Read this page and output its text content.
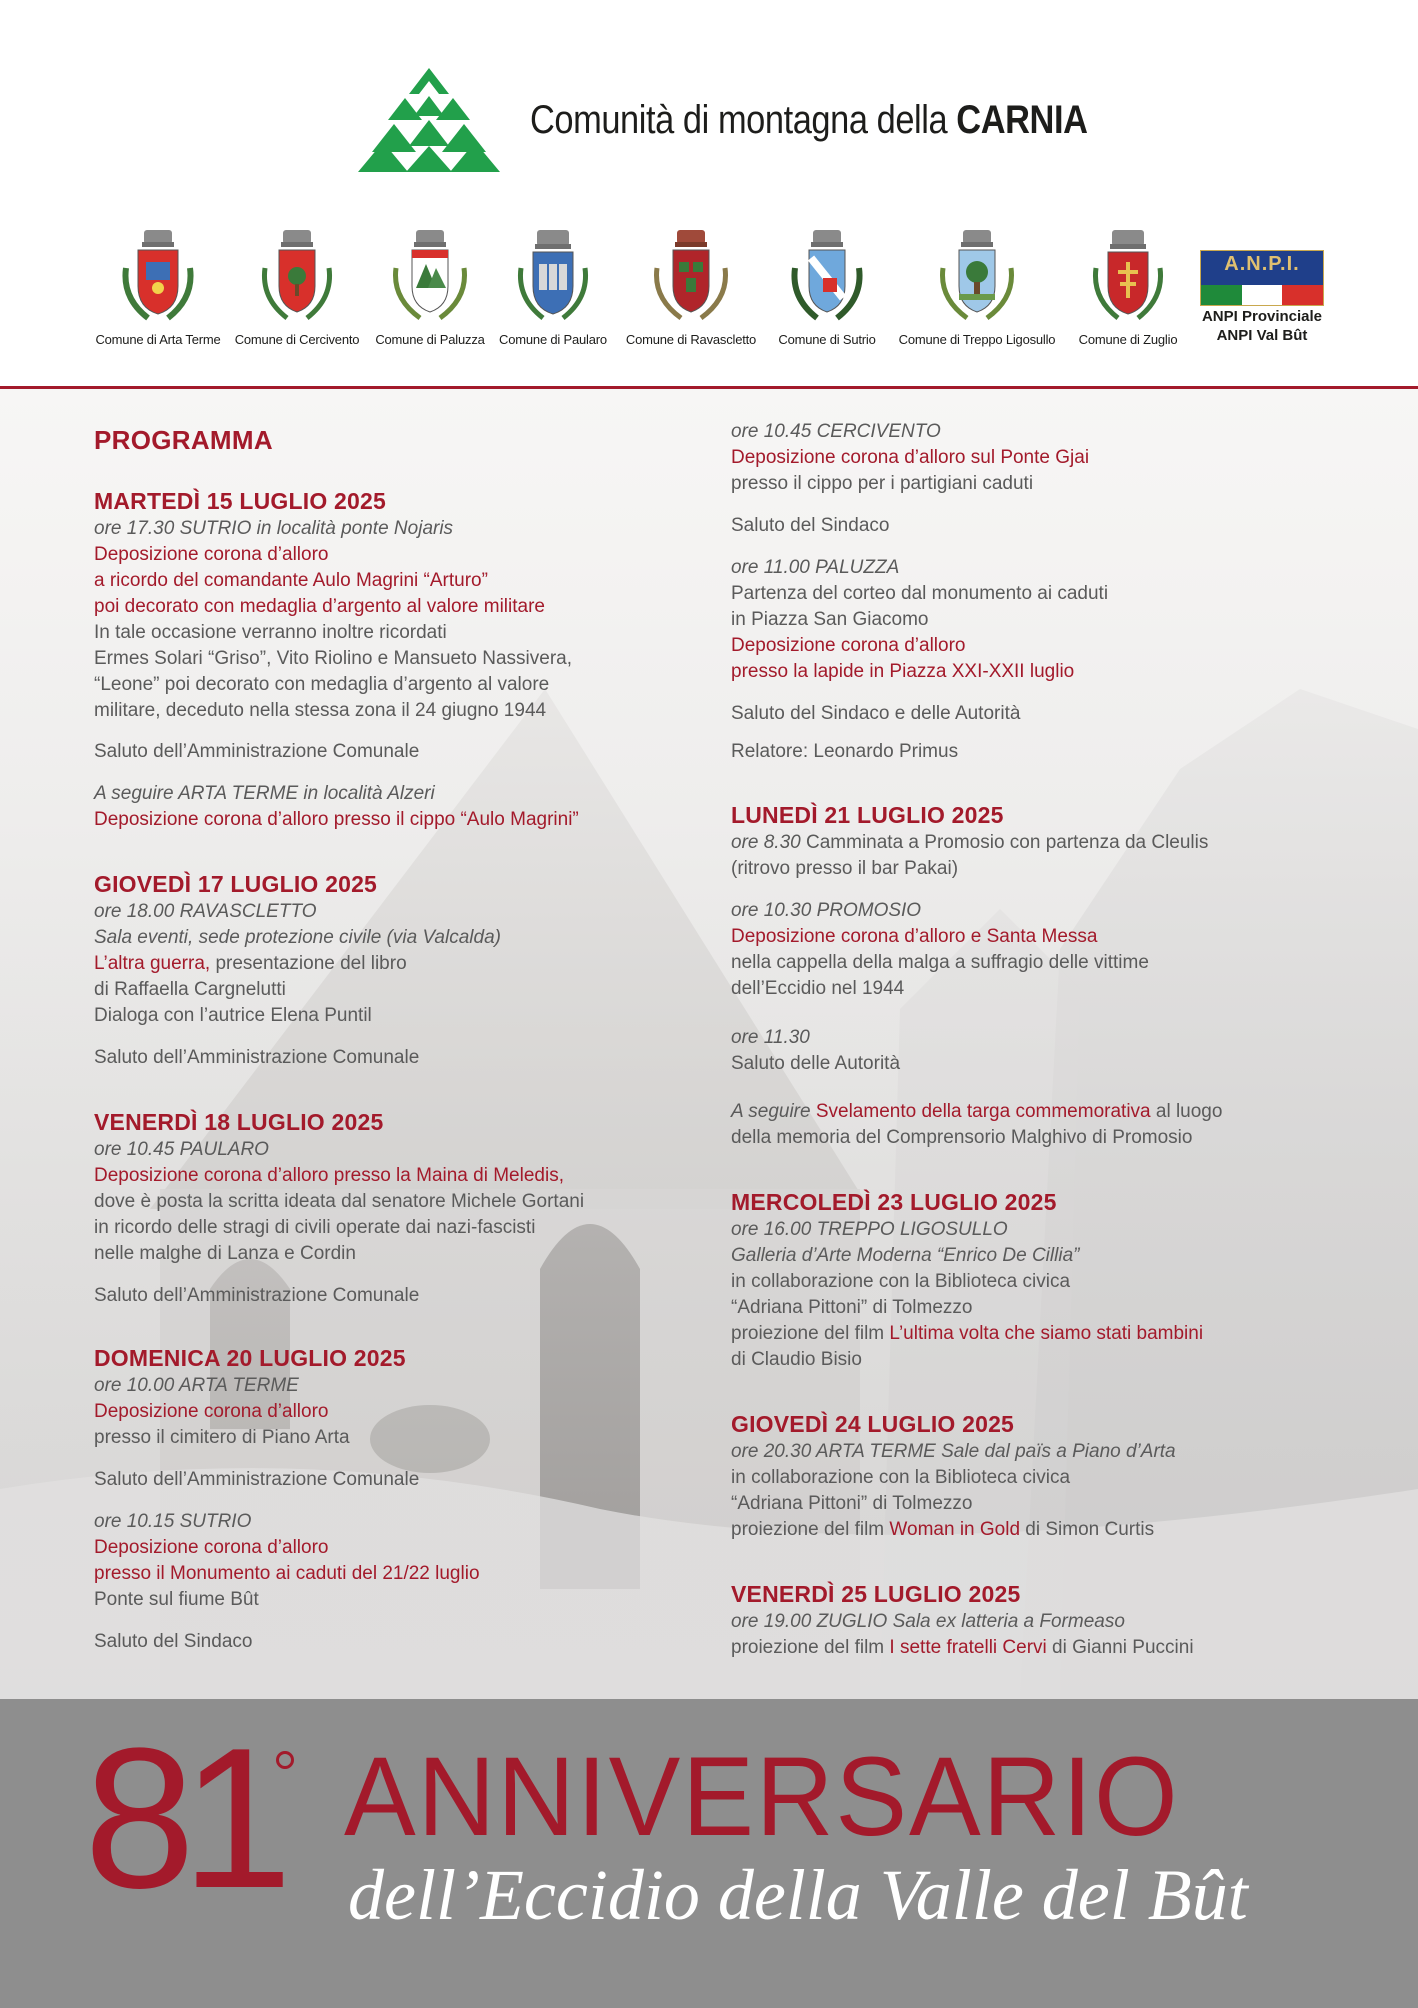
Comunità di montagna della CARNIA
Comune di Arta Terme Comune di Cercivento Comune di Paluzza Comune di Paularo Comune di Ravascletto	Comune di Sutrio	Comune di Treppo Ligosullo	Comune di Zuglio
A.N.P.I.
ANPI Provinciale
ANPI Val Bût
PROGRAMMA
MARTEDÌ 15 LUGLIO 2025
ore 17.30 SUTRIO in località ponte Nojaris
Deposizione corona d’alloro
a ricordo del comandante Aulo Magrini “Arturo”
poi decorato con medaglia d’argento al valore militare
In tale occasione verranno inoltre ricordati
Ermes Solari “Griso”, Vito Riolino e Mansueto Nassivera,
“Leone” poi decorato con medaglia d’argento al valore
militare, deceduto nella stessa zona il 24 giugno 1944
Saluto dell’Amministrazione Comunale
A seguire ARTA TERME in località Alzeri
Deposizione corona d’alloro presso il cippo “Aulo Magrini”
GIOVEDÌ 17 LUGLIO 2025
ore 18.00 RAVASCLETTO
Sala eventi, sede protezione civile (via Valcalda)
L’altra guerra, presentazione del libro
di Raffaella Cargnelutti
Dialoga con l’autrice Elena Puntil
Saluto dell’Amministrazione Comunale
VENERDÌ 18 LUGLIO 2025
ore 10.45 PAULARO
Deposizione corona d’alloro presso la Maina di Meledis,
dove è posta la scritta ideata dal senatore Michele Gortani
in ricordo delle stragi di civili operate dai nazi-fascisti
nelle malghe di Lanza e Cordin
Saluto dell’Amministrazione Comunale
DOMENICA 20 LUGLIO 2025
ore 10.00 ARTA TERME
Deposizione corona d’alloro
presso il cimitero di Piano Arta
Saluto dell’Amministrazione Comunale
ore 10.15 SUTRIO
Deposizione corona d’alloro
presso il Monumento ai caduti del 21/22 luglio
Ponte sul fiume Bût
Saluto del Sindaco
ore 10.45 CERCIVENTO
Deposizione corona d’alloro sul Ponte Gjai
presso il cippo per i partigiani caduti
Saluto del Sindaco
ore 11.00 PALUZZA
Partenza del corteo dal monumento ai caduti
in Piazza San Giacomo
Deposizione corona d’alloro
presso la lapide in Piazza XXI-XXII luglio
Saluto del Sindaco e delle Autorità
Relatore: Leonardo Primus
LUNEDÌ 21 LUGLIO 2025
ore 8.30 Camminata a Promosio con partenza da Cleulis
(ritrovo presso il bar Pakai)
ore 10.30 PROMOSIO
Deposizione corona d’alloro e Santa Messa
nella cappella della malga a suffragio delle vittime
dell’Eccidio nel 1944
ore 11.30
Saluto delle Autorità
A seguire Svelamento della targa commemorativa al luogo
della memoria del Comprensorio Malghivo di Promosio
MERCOLEDÌ 23 LUGLIO 2025
ore 16.00 TREPPO LIGOSULLO
Galleria d’Arte Moderna “Enrico De Cillia”
in collaborazione con la Biblioteca civica
“Adriana Pittoni” di Tolmezzo
proiezione del film L’ultima volta che siamo stati bambini
di Claudio Bisio
GIOVEDÌ 24 LUGLIO 2025
ore 20.30 ARTA TERME Sale dal païs a Piano d’Arta
in collaborazione con la Biblioteca civica
“Adriana Pittoni” di Tolmezzo
proiezione del film Woman in Gold di Simon Curtis
VENERDÌ 25 LUGLIO 2025
ore 19.00 ZUGLIO Sala ex latteria a Formeaso
proiezione del film I sette fratelli Cervi di Gianni Puccini
81 ANNIVERSARIO
dell’Eccidio della Valle del Bût
